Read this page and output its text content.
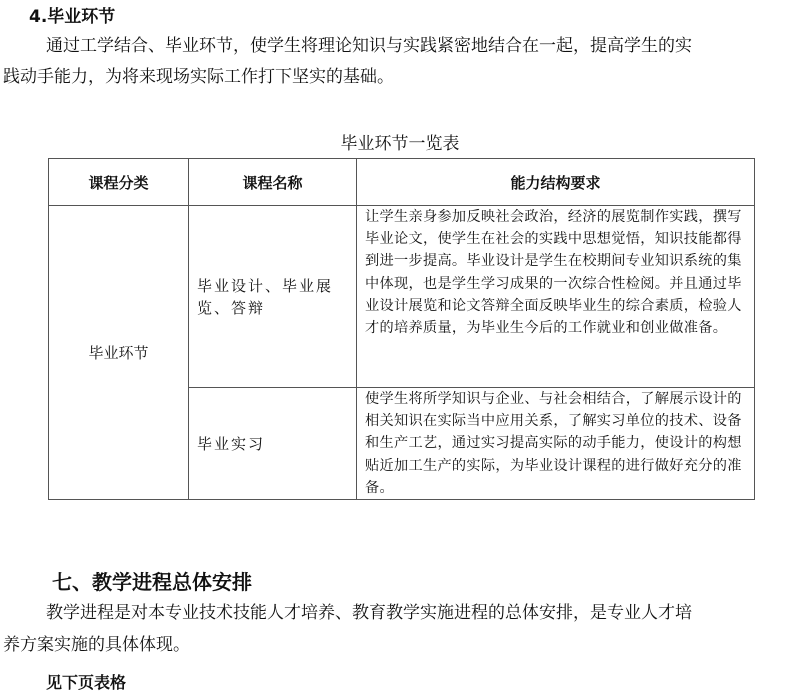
4.毕业环节
通过工学结合、毕业环节，使学生将理论知识与实践紧密地结合在一起，提高学生的实
践动手能力，为将来现场实际工作打下坚实的基础。
毕业环节一览表
课程分类	课程名称	能力结构要求
毕业环节	毕业设计、毕业展览、答辩	让学生亲身参加反映社会政治，经济的展览制作实践，撰写毕业论文，使学生在社会的实践中思想觉悟，知识技能都得到进一步提高。毕业设计是学生在校期间专业知识系统的集中体现，也是学生学习成果的一次综合性检阅。并且通过毕业设计展览和论文答辩全面反映毕业生的综合素质，检验人才的培养质量，为毕业生今后的工作就业和创业做准备。
	毕业实习	使学生将所学知识与企业、与社会相结合，了解展示设计的相关知识在实际当中应用关系，了解实习单位的技术、设备和生产工艺，通过实习提高实际的动手能力，使设计的构想贴近加工生产的实际，为毕业设计课程的进行做好充分的准备。
七、教学进程总体安排
教学进程是对本专业技术技能人才培养、教育教学实施进程的总体安排，是专业人才培
养方案实施的具体体现。
见下页表格
